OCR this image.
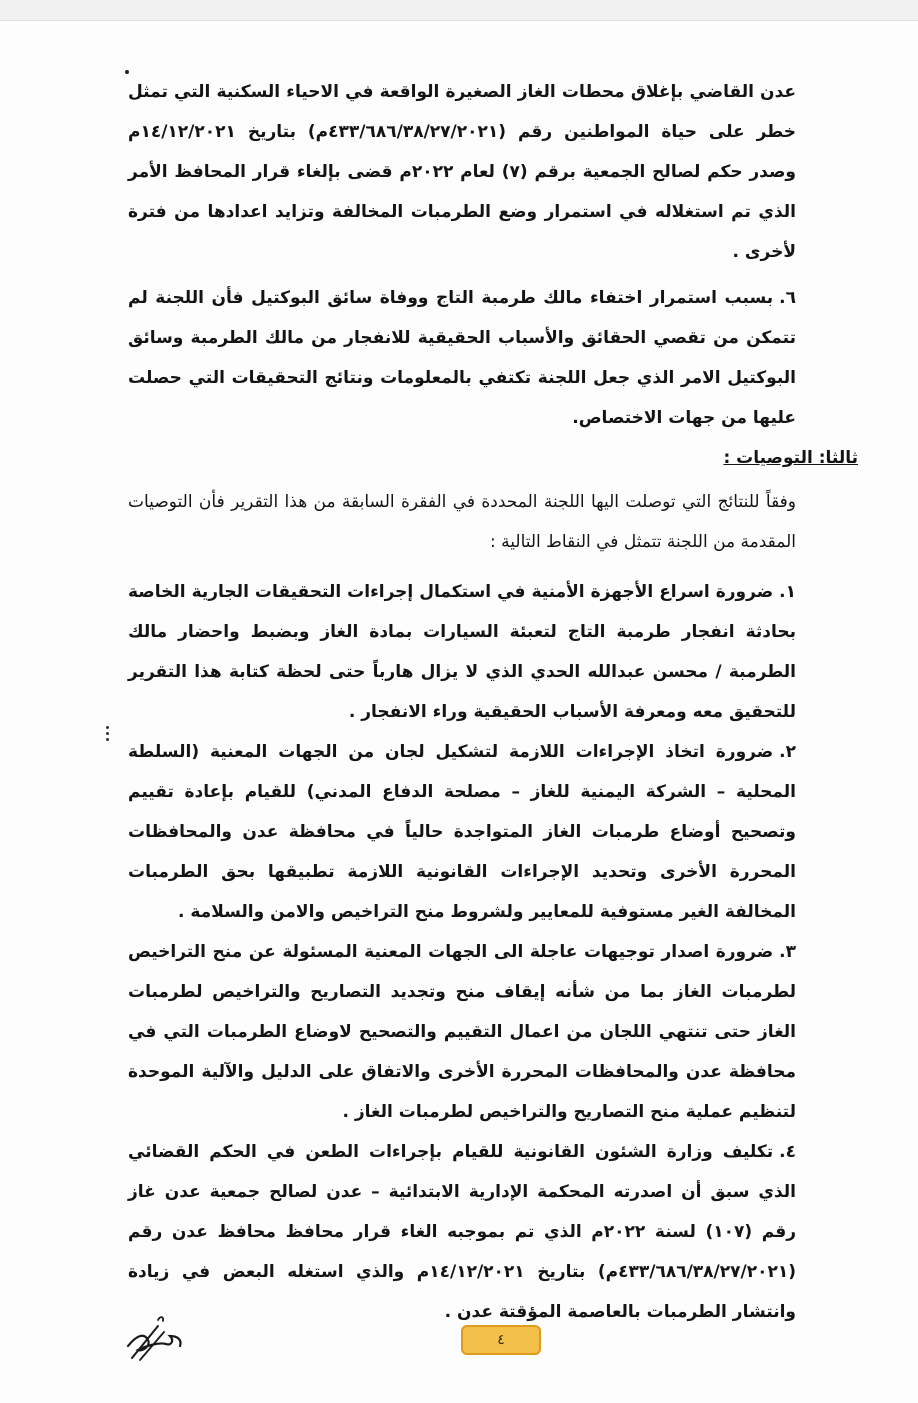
عدن القاضي بإغلاق محطات الغاز الصغيرة الواقعة في الاحياء السكنية التي تمثل خطر على حياة المواطنين رقم (٤٣٣/٦٨٦/٣٨/٢٧/٢٠٢١م) بتاريخ ١٤/١٢/٢٠٢١م وصدر حكم لصالح الجمعية برقم (٧) لعام ٢٠٢٢م قضى بإلغاء قرار المحافظ الأمر الذي تم استغلاله في استمرار وضع الطرمبات المخالفة وتزايد اعدادها من فترة لأخرى .

٦.بسبب استمرار اختفاء مالك طرمبة التاج ووفاة سائق البوكتيل فأن اللجنة لم تتمكن من تقصي الحقائق والأسباب الحقيقية للانفجار من مالك الطرمبة وسائق البوكتيل الامر الذي جعل اللجنة تكتفي بالمعلومات ونتائج التحقيقات التي حصلت عليها من جهات الاختصاص.

ثالثا: التوصيات :

وفقاً للنتائج التي توصلت اليها اللجنة المحددة في الفقرة السابقة من هذا التقرير فأن التوصيات المقدمة من اللجنة تتمثل في النقاط التالية :

١.ضرورة اسراع الأجهزة الأمنية في استكمال إجراءات التحقيقات الجارية الخاصة بحادثة انفجار طرمبة التاج لتعبئة السيارات بمادة الغاز وبضبط واحضار مالك الطرمبة / محسن عبدالله الحدي الذي لا يزال هارباً حتى لحظة كتابة هذا التقرير للتحقيق معه ومعرفة الأسباب الحقيقية وراء الانفجار .

٢.ضرورة اتخاذ الإجراءات اللازمة لتشكيل لجان من الجهات المعنية (السلطة المحلية – الشركة اليمنية للغاز – مصلحة الدفاع المدني) للقيام بإعادة تقييم وتصحيح أوضاع طرمبات الغاز المتواجدة حالياً في محافظة عدن والمحافظات المحررة الأخرى وتحديد الإجراءات القانونية اللازمة تطبيقها بحق الطرمبات المخالفة الغير مستوفية للمعايير ولشروط منح التراخيص والامن والسلامة .

٣.ضرورة اصدار توجيهات عاجلة الى الجهات المعنية المسئولة عن منح التراخيص لطرمبات الغاز بما من شأنه إيقاف منح وتجديد التصاريح والتراخيص لطرمبات الغاز حتى تنتهي اللجان من اعمال التقييم والتصحيح لاوضاع الطرمبات التي في محافظة عدن والمحافظات المحررة الأخرى والاتفاق على الدليل والآلية الموحدة لتنظيم عملية منح التصاريح والتراخيص لطرمبات الغاز .

٤.تكليف وزارة الشئون القانونية للقيام بإجراءات الطعن في الحكم القضائي الذي سبق أن اصدرته المحكمة الإدارية الابتدائية – عدن لصالح جمعية عدن غاز رقم (١٠٧) لسنة ٢٠٢٢م الذي تم بموجبه الغاء قرار محافظ محافظ عدن رقم (٤٣٣/٦٨٦/٣٨/٢٧/٢٠٢١م) بتاريخ ١٤/١٢/٢٠٢١م والذي استغله البعض في زيادة وانتشار الطرمبات بالعاصمة المؤقتة عدن .

٤
